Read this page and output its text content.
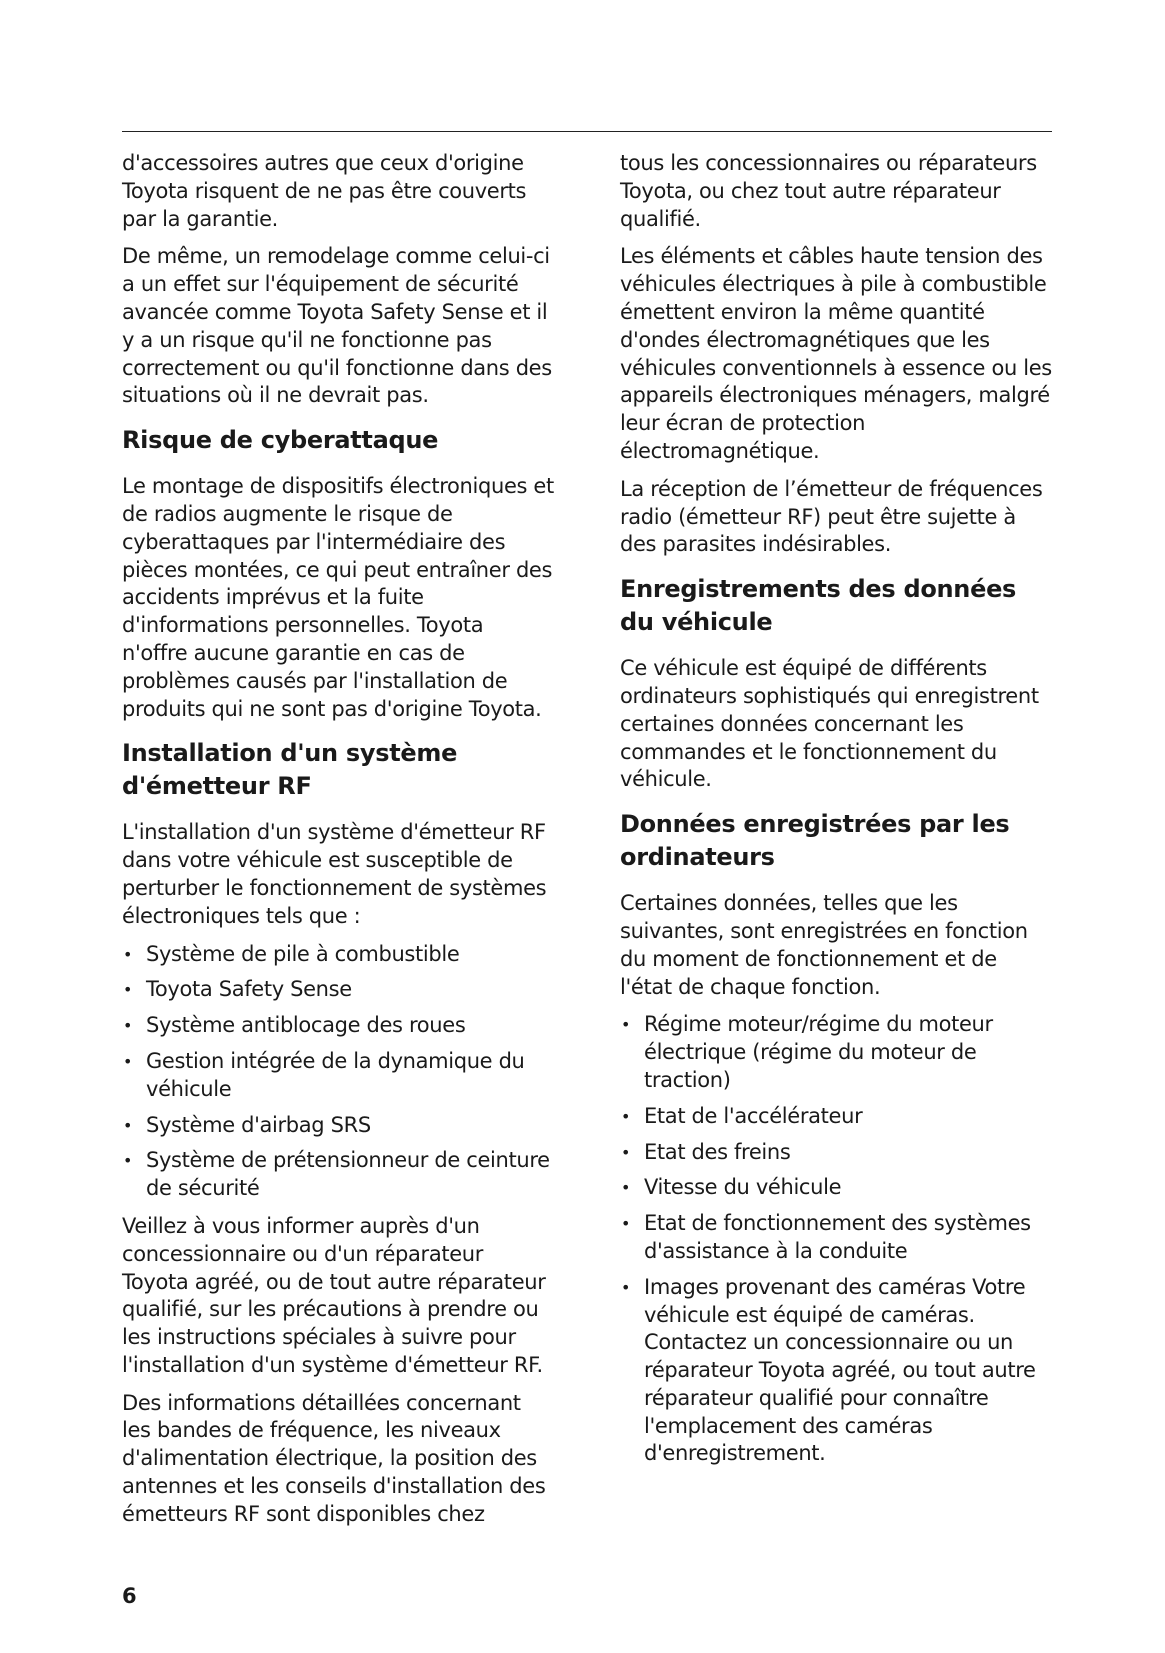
d'accessoires autres que ceux d'origine Toyota risquent de ne pas être couverts par la garantie.

De même, un remodelage comme celui-ci a un effet sur l'équipement de sécurité avancée comme Toyota Safety Sense et il y a un risque qu'il ne fonctionne pas correctement ou qu'il fonctionne dans des situations où il ne devrait pas.

Risque de cyberattaque

Le montage de dispositifs électroniques et de radios augmente le risque de cyberattaques par l'intermédiaire des pièces montées, ce qui peut entraîner des accidents imprévus et la fuite d'informations personnelles. Toyota n'offre aucune garantie en cas de problèmes causés par l'installation de produits qui ne sont pas d'origine Toyota.

Installation d'un système d'émetteur RF

L'installation d'un système d'émetteur RF dans votre véhicule est susceptible de perturber le fonctionnement de systèmes électroniques tels que :

• Système de pile à combustible
• Toyota Safety Sense
• Système antiblocage des roues
• Gestion intégrée de la dynamique du véhicule
• Système d'airbag SRS
• Système de prétensionneur de ceinture de sécurité

Veillez à vous informer auprès d'un concessionnaire ou d'un réparateur Toyota agréé, ou de tout autre réparateur qualifié, sur les précautions à prendre ou les instructions spéciales à suivre pour l'installation d'un système d'émetteur RF.

Des informations détaillées concernant les bandes de fréquence, les niveaux d'alimentation électrique, la position des antennes et les conseils d'installation des émetteurs RF sont disponibles chez

tous les concessionnaires ou réparateurs Toyota, ou chez tout autre réparateur qualifié.

Les éléments et câbles haute tension des véhicules électriques à pile à combustible émettent environ la même quantité d'ondes électromagnétiques que les véhicules conventionnels à essence ou les appareils électroniques ménagers, malgré leur écran de protection électromagnétique.

La réception de l’émetteur de fréquences radio (émetteur RF) peut être sujette à des parasites indésirables.

Enregistrements des données du véhicule

Ce véhicule est équipé de différents ordinateurs sophistiqués qui enregistrent certaines données concernant les commandes et le fonctionnement du véhicule.

Données enregistrées par les ordinateurs

Certaines données, telles que les suivantes, sont enregistrées en fonction du moment de fonctionnement et de l'état de chaque fonction.

• Régime moteur/régime du moteur électrique (régime du moteur de traction)
• Etat de l'accélérateur
• Etat des freins
• Vitesse du véhicule
• Etat de fonctionnement des systèmes d'assistance à la conduite
• Images provenant des caméras Votre véhicule est équipé de caméras. Contactez un concessionnaire ou un réparateur Toyota agréé, ou tout autre réparateur qualifié pour connaître l'emplacement des caméras d'enregistrement.
6
